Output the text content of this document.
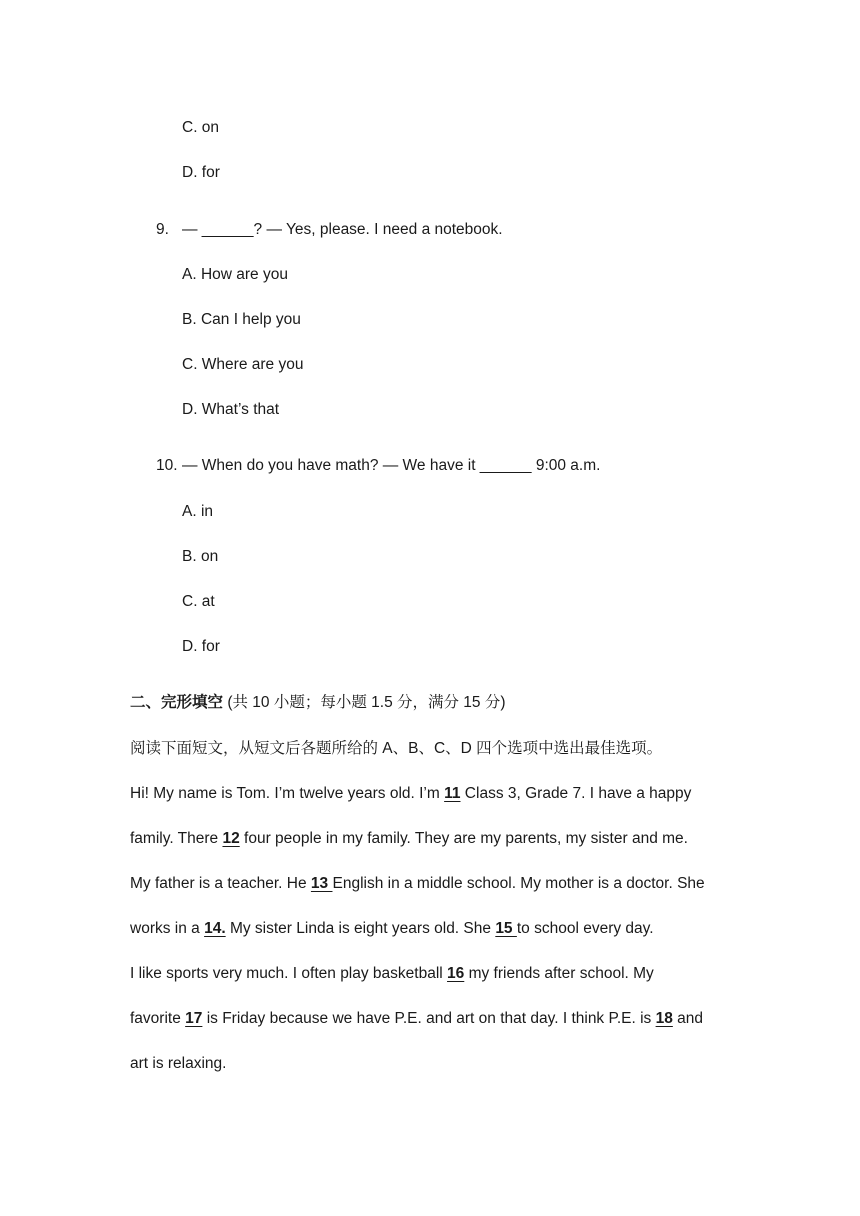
C. on
D. for
9. — ______? — Yes, please. I need a notebook.
A. How are you
B. Can I help you
C. Where are you
D. What’s that
10. — When do you have math? — We have it ______ 9:00 a.m.
A. in
B. on
C. at
D. for
二、完形填空 (共 10 小题；每小题 1.5 分，满分 15 分)
阅读下面短文，从短文后各题所给的 A、B、C、D 四个选项中选出最佳选项。
Hi! My name is Tom. I’m twelve years old. I’m 11 Class 3, Grade 7. I have a happy
family. There 12 four people in my family. They are my parents, my sister and me.
My father is a teacher. He 13 English in a middle school. My mother is a doctor. She
works in a 14. My sister Linda is eight years old. She 15 to school every day.
I like sports very much. I often play basketball 16 my friends after school. My
favorite 17 is Friday because we have P.E. and art on that day. I think P.E. is 18 and
art is relaxing.
